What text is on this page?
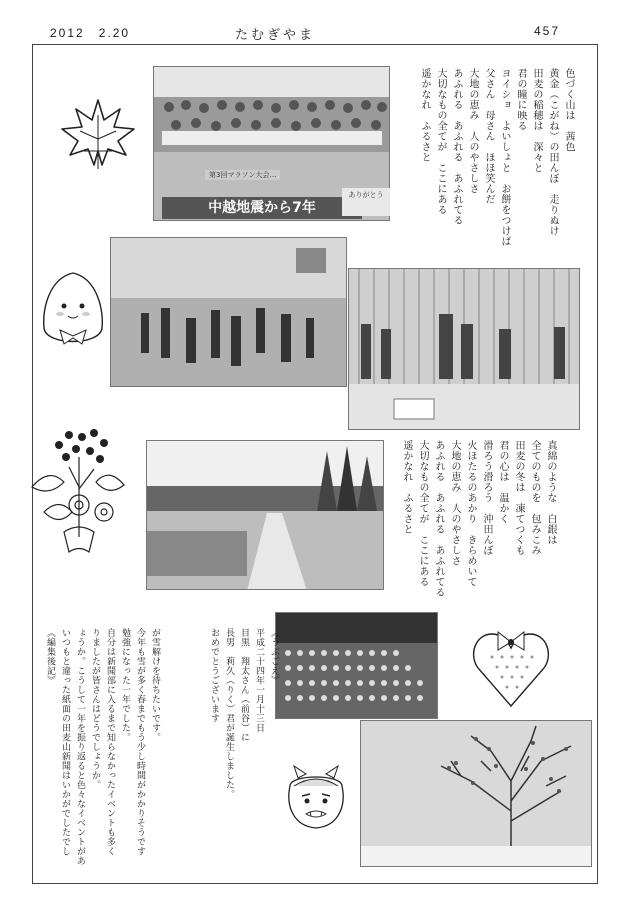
2012　2.20	たむぎやま	457
第3回マラソン大会…
中越地震から7年
ありがとう
色づく山は　茜色
黄金（こがね）の田んぼ　走りぬけ
田麦の稲穂は　深々と
君の瞳に映る
ヨイショ　よいしょと　お餅をつけば
父さん　母さん　ほほ笑んだ
大地の恵み　人のやさしさ
あふれる　あふれる　あふれてる
大切なもの全てが　ここにある
遥かなれ　ふるさと
真綿のような　白銀は
全てのものを　包みこみ
田麦の冬は　凍てつくも
君の心は　温かく
滑ろう滑ろう　沖田んぼ
火ほたるのあかり　きらめいて
大地の恵み　人のやさしさ
あふれる　あふれる　あふれてる
大切なもの全てが　ここにある
遥かなれ　ふるさと
《うぶごえ》
平成二十四年一月十三日
目黒　翔太さん（前谷）に
長男　莉久（りく）君が誕生しました。
おめでとうございます
が雪解けを待ちたいです。
今年も雪が多く春までもう少し時間がかかりそうです
勉強になった一年でした。
自分は新聞部に入るまで知らなかったイベントも多く
りましたが皆さんはどうでしょうか。
ょうか。こうして一年を振り返ると色々なイベントがあ
いつもと違った紙面の田麦山新聞はいかがでしたでし
《編集後記》
